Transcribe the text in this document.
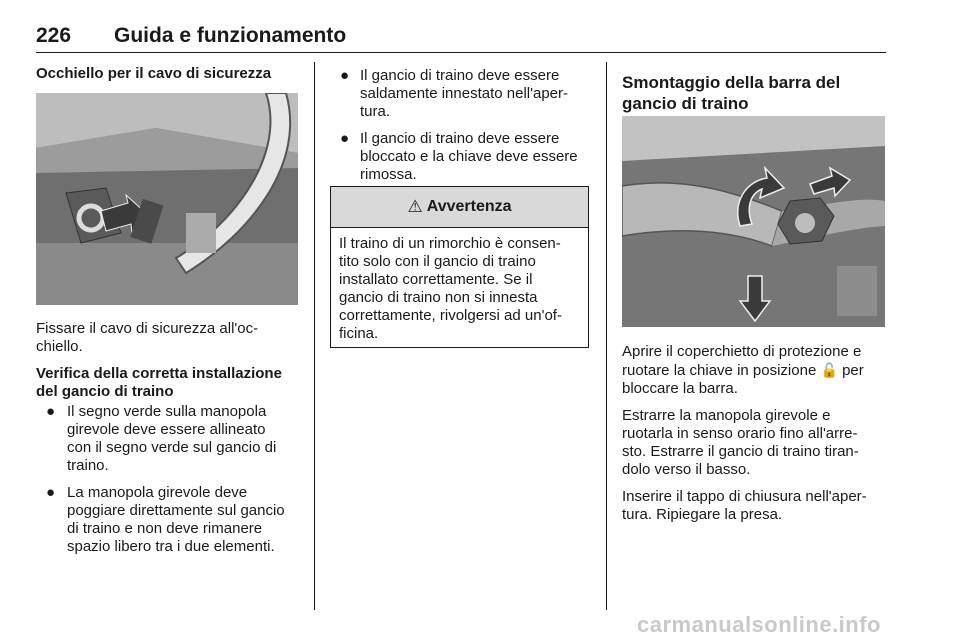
226 Guida e funzionamento
Occhiello per il cavo di sicurezza

Fissare il cavo di sicurezza all'oc-
chiello.

Verifica della corretta installazione
del gancio di traino
● Il segno verde sulla manopola
girevole deve essere allineato
con il segno verde sul gancio di
traino.
● La manopola girevole deve
poggiare direttamente sul gancio
di traino e non deve rimanere
spazio libero tra i due elementi.
● Il gancio di traino deve essere
saldamente innestato nell'aper-
tura.
● Il gancio di traino deve essere
bloccato e la chiave deve essere
rimossa.
⚠ Avvertenza
Il traino di un rimorchio è consen-
tito solo con il gancio di traino
installato correttamente. Se il
gancio di traino non si innesta
correttamente, rivolgersi ad un'of-
ficina.
Smontaggio della barra del
gancio di traino

Aprire il coperchietto di protezione e
ruotare la chiave in posizione 🔓 per
bloccare la barra.

Estrarre la manopola girevole e
ruotarla in senso orario fino all'arre-
sto. Estrarre il gancio di traino tiran-
dolo verso il basso.

Inserire il tappo di chiusura nell'aper-
tura. Ripiegare la presa.

carmanualsonline.info
